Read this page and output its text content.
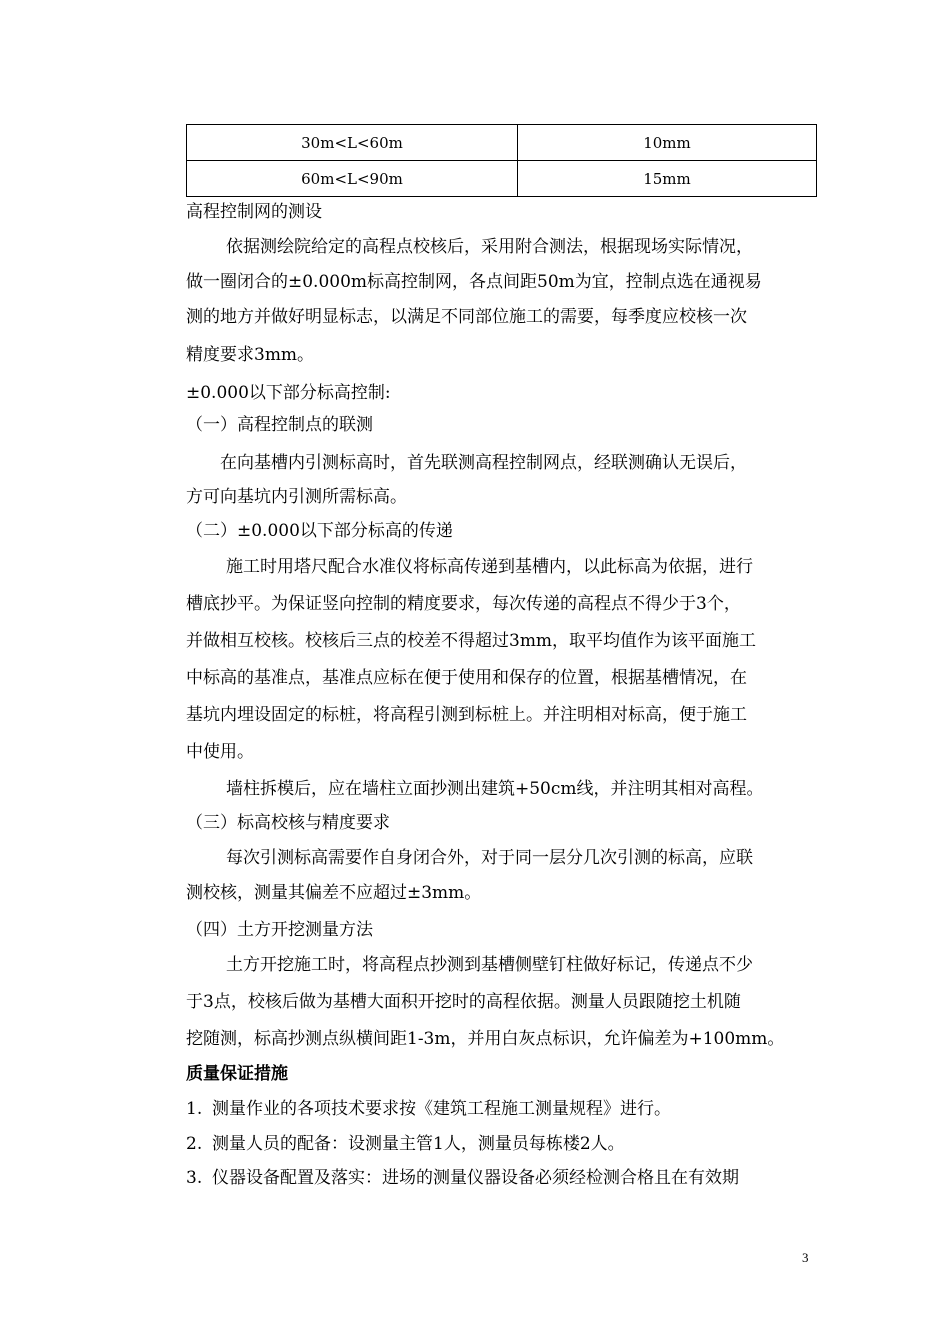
30m<L<60m	10mm
60m<L<90m	15mm
高程控制网的测设
依据测绘院给定的高程点校核后，采用附合测法，根据现场实际情况，
做一圈闭合的±0.000m标高控制网，各点间距50m为宜，控制点选在通视易
测的地方并做好明显标志，以满足不同部位施工的需要，每季度应校核一次
精度要求3mm。
±0.000以下部分标高控制:
（一）高程控制点的联测
在向基槽内引测标高时，首先联测高程控制网点，经联测确认无误后，
方可向基坑内引测所需标高。
（二）±0.000以下部分标高的传递
施工时用塔尺配合水准仪将标高传递到基槽内，以此标高为依据，进行
槽底抄平。为保证竖向控制的精度要求，每次传递的高程点不得少于3个，
并做相互校核。校核后三点的校差不得超过3mm，取平均值作为该平面施工
中标高的基准点，基准点应标在便于使用和保存的位置，根据基槽情况，在
基坑内埋设固定的标桩，将高程引测到标桩上。并注明相对标高，便于施工
中使用。
墙柱拆模后，应在墙柱立面抄测出建筑+50cm线，并注明其相对高程。
（三）标高校核与精度要求
每次引测标高需要作自身闭合外，对于同一层分几次引测的标高，应联
测校核，测量其偏差不应超过±3mm。
（四）土方开挖测量方法
土方开挖施工时，将高程点抄测到基槽侧壁钉柱做好标记，传递点不少
于3点，校核后做为基槽大面积开挖时的高程依据。测量人员跟随挖土机随
挖随测，标高抄测点纵横间距1-3m，并用白灰点标识，允许偏差为+100mm。
质量保证措施
1. 测量作业的各项技术要求按《建筑工程施工测量规程》进行。
2. 测量人员的配备：设测量主管1人，测量员每栋楼2人。
3. 仪器设备配置及落实：进场的测量仪器设备必须经检测合格且在有效期
3
